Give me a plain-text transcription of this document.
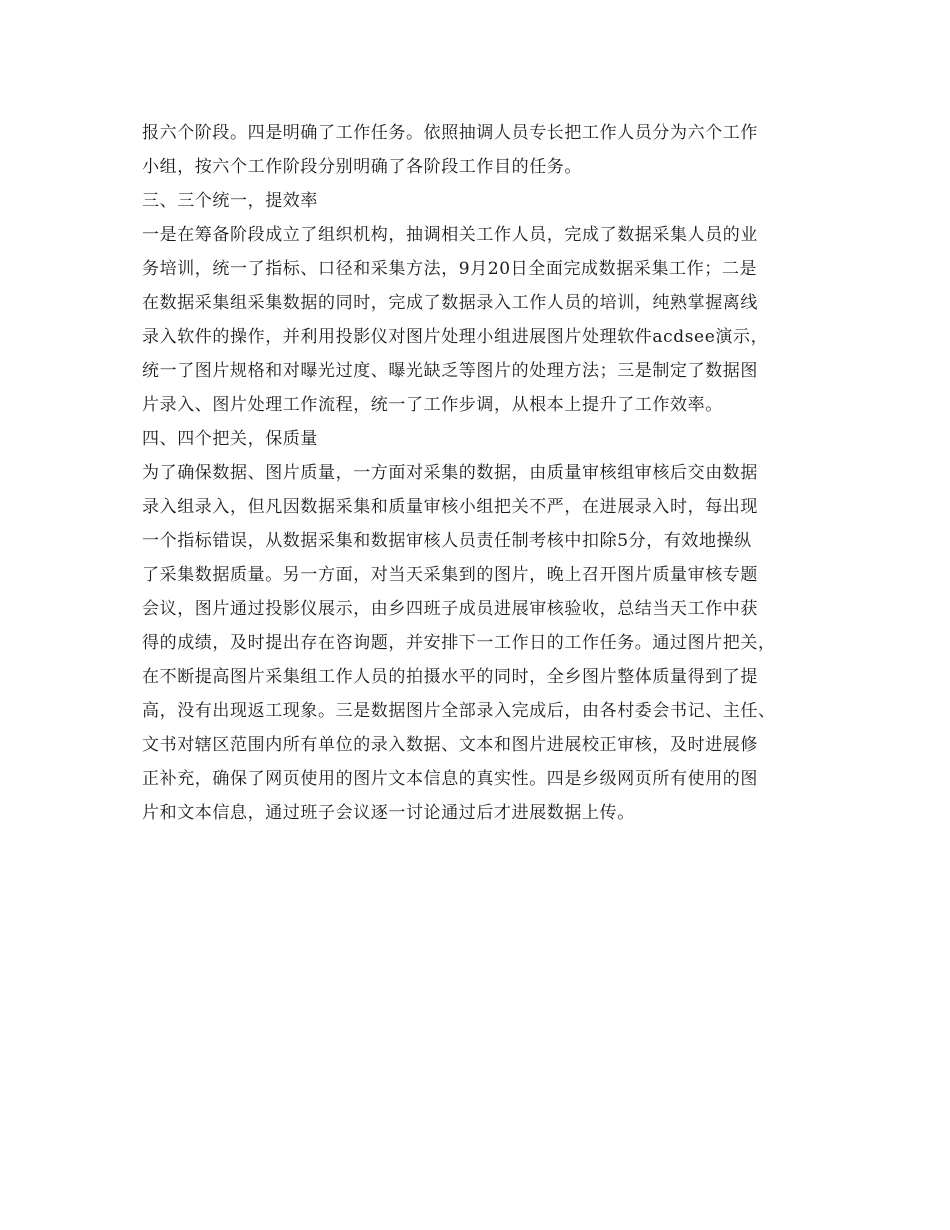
报六个阶段。四是明确了工作任务。依照抽调人员专长把工作人员分为六个工作
小组，按六个工作阶段分别明确了各阶段工作目的任务。
三、三个统一，提效率
一是在筹备阶段成立了组织机构，抽调相关工作人员，完成了数据采集人员的业
务培训，统一了指标、口径和采集方法，9月20日全面完成数据采集工作；二是
在数据采集组采集数据的同时，完成了数据录入工作人员的培训，纯熟掌握离线
录入软件的操作，并利用投影仪对图片处理小组进展图片处理软件acdsee演示，
统一了图片规格和对曝光过度、曝光缺乏等图片的处理方法；三是制定了数据图
片录入、图片处理工作流程，统一了工作步调，从根本上提升了工作效率。
四、四个把关，保质量
为了确保数据、图片质量，一方面对采集的数据，由质量审核组审核后交由数据
录入组录入，但凡因数据采集和质量审核小组把关不严，在进展录入时，每出现
一个指标错误，从数据采集和数据审核人员责任制考核中扣除5分，有效地操纵
了采集数据质量。另一方面，对当天采集到的图片，晚上召开图片质量审核专题
会议，图片通过投影仪展示，由乡四班子成员进展审核验收，总结当天工作中获
得的成绩，及时提出存在咨询题，并安排下一工作日的工作任务。通过图片把关，
在不断提高图片采集组工作人员的拍摄水平的同时，全乡图片整体质量得到了提
高，没有出现返工现象。三是数据图片全部录入完成后，由各村委会书记、主任、
文书对辖区范围内所有单位的录入数据、文本和图片进展校正审核，及时进展修
正补充，确保了网页使用的图片文本信息的真实性。四是乡级网页所有使用的图
片和文本信息，通过班子会议逐一讨论通过后才进展数据上传。
